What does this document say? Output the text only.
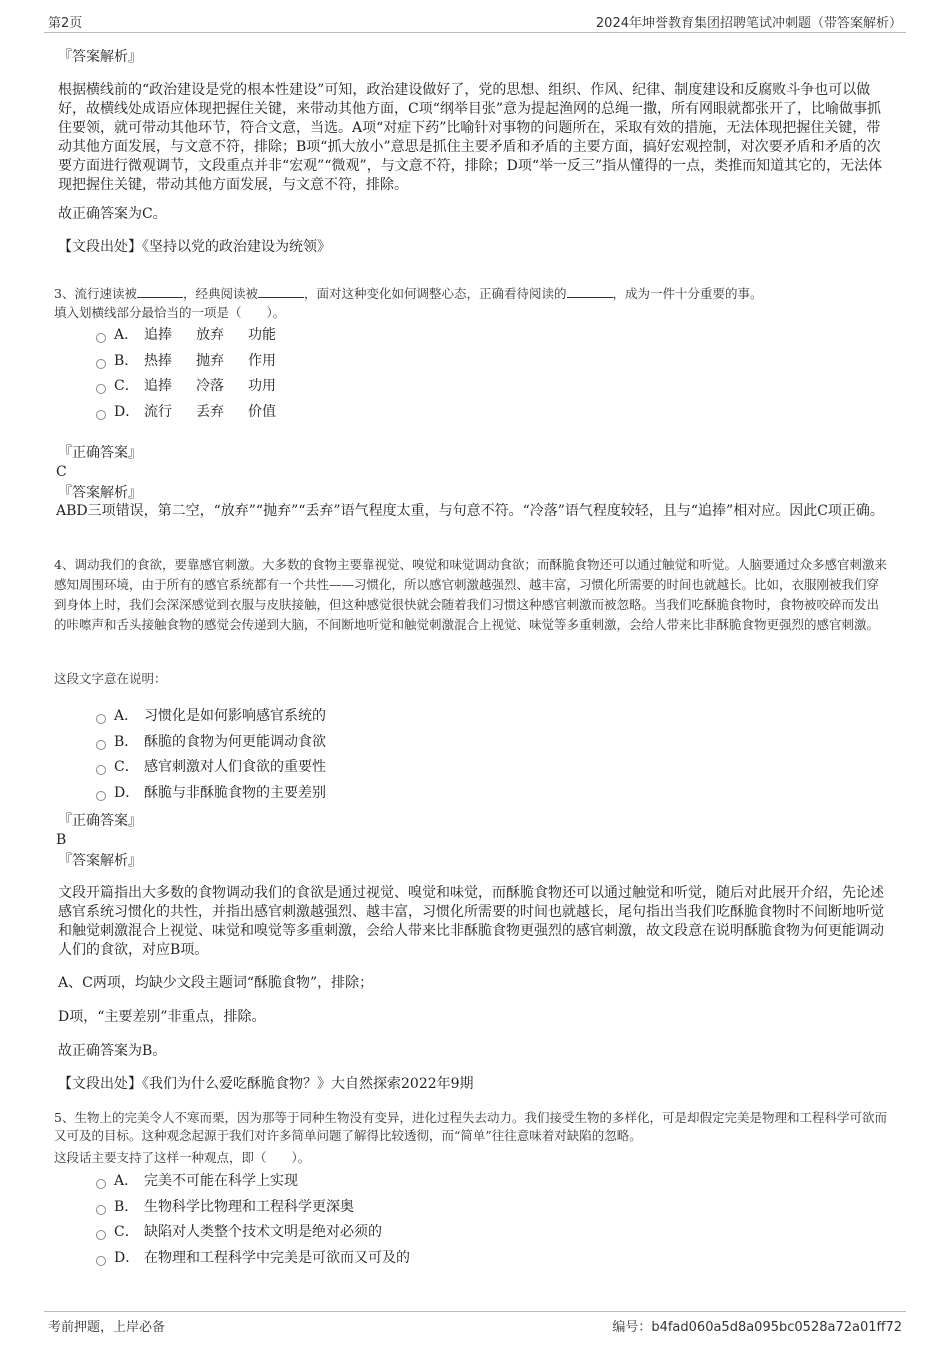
第2页	2024年坤誉教育集团招聘笔试冲刺题（带答案解析）
『答案解析』

根据横线前的“政治建设是党的根本性建设”可知，政治建设做好了，党的思想、组织、作风、纪律、制度建设和反腐败斗争也可以做好，故横线处成语应体现把握住关键，来带动其他方面，C项“纲举目张”意为提起渔网的总绳一撒，所有网眼就都张开了，比喻做事抓住要领，就可带动其他环节，符合文意，当选。A项“对症下药”比喻针对事物的问题所在，采取有效的措施，无法体现把握住关键，带动其他方面发展，与文意不符，排除；B项“抓大放小”意思是抓住主要矛盾和矛盾的主要方面，搞好宏观控制，对次要矛盾和矛盾的次要方面进行微观调节，文段重点并非“宏观”“微观”，与文意不符，排除；D项“举一反三”指从懂得的一点，类推而知道其它的，无法体现把握住关键，带动其他方面发展，与文意不符，排除。

故正确答案为C。
【文段出处】《坚持以党的政治建设为统领》
3、流行速读被	，经典阅读被	，面对这种变化如何调整心态，正确看待阅读的	，成为一件十分重要的事。
填入划横线部分最恰当的一项是（　　）。
A． 追捧	放弃	功能
B． 热捧	抛弃	作用
C． 追捧	冷落	功用
D． 流行	丢弃	价值
『正确答案』
C
『答案解析』

ABD三项错误，第二空，“放弃”“抛弃”“丢弃”语气程度太重，与句意不符。“冷落”语气程度较轻，且与“追捧”相对应。因此C项正确。

4、调动我们的食欲，要靠感官刺激。大多数的食物主要靠视觉、嗅觉和味觉调动食欲；而酥脆食物还可以通过触觉和听觉。人脑要通过众多感官刺激来感知周围环境，由于所有的感官系统都有一个共性——习惯化，所以感官刺激越强烈、越丰富，习惯化所需要的时间也就越长。比如，衣服刚被我们穿到身体上时，我们会深深感觉到衣服与皮肤接触，但这种感觉很快就会随着我们习惯这种感官刺激而被忽略。当我们吃酥脆食物时，食物被咬碎而发出的咔嚓声和舌头接触食物的感觉会传递到大脑，不间断地听觉和触觉刺激混合上视觉、味觉等多重刺激，会给人带来比非酥脆食物更强烈的感官刺激。

这段文字意在说明：
A． 习惯化是如何影响感官系统的
B． 酥脆的食物为何更能调动食欲
C． 感官刺激对人们食欲的重要性
D． 酥脆与非酥脆食物的主要差别
『正确答案』
B
『答案解析』

文段开篇指出大多数的食物调动我们的食欲是通过视觉、嗅觉和味觉，而酥脆食物还可以通过触觉和听觉，随后对此展开介绍，先论述感官系统习惯化的共性，并指出感官刺激越强烈、越丰富，习惯化所需要的时间也就越长，尾句指出当我们吃酥脆食物时不间断地听觉和触觉刺激混合上视觉、味觉和嗅觉等多重刺激，会给人带来比非酥脆食物更强烈的感官刺激，故文段意在说明酥脆食物为何更能调动人们的食欲，对应B项。

A、C两项，均缺少文段主题词“酥脆食物”，排除；
D项，“主要差别”非重点，排除。
故正确答案为B。
【文段出处】《我们为什么爱吃酥脆食物？》大自然探索2022年9期

5、生物上的完美令人不寒而栗，因为那等于同种生物没有变异，进化过程失去动力。我们接受生物的多样化，可是却假定完美是物理和工程科学可欲而又可及的目标。这种观念起源于我们对许多简单问题了解得比较透彻，而“简单”往往意味着对缺陷的忽略。

这段话主要支持了这样一种观点，即（　　）。
A． 完美不可能在科学上实现
B． 生物科学比物理和工程科学更深奥
C． 缺陷对人类整个技术文明是绝对必须的
D． 在物理和工程科学中完美是可欲而又可及的
考前押题，上岸必备	编号：b4fad060a5d8a095bc0528a72a01ff72
